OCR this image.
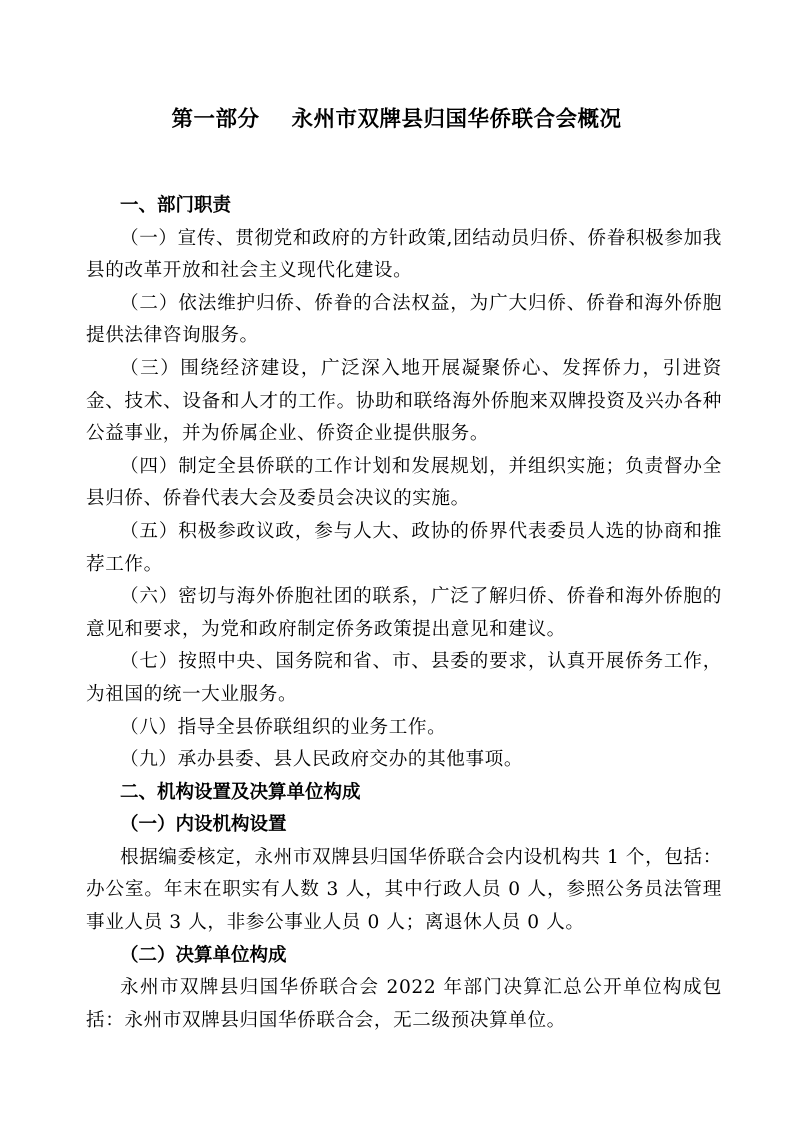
第一部分    永州市双牌县归国华侨联合会概况
一、部门职责

（一）宣传、贯彻党和政府的方针政策,团结动员归侨、侨眷积极参加我县的改革开放和社会主义现代化建设。

（二）依法维护归侨、侨眷的合法权益，为广大归侨、侨眷和海外侨胞提供法律咨询服务。

（三）围绕经济建设，广泛深入地开展凝聚侨心、发挥侨力，引进资金、技术、设备和人才的工作。协助和联络海外侨胞来双牌投资及兴办各种公益事业，并为侨属企业、侨资企业提供服务。

（四）制定全县侨联的工作计划和发展规划，并组织实施；负责督办全县归侨、侨眷代表大会及委员会决议的实施。

（五）积极参政议政，参与人大、政协的侨界代表委员人选的协商和推荐工作。

（六）密切与海外侨胞社团的联系，广泛了解归侨、侨眷和海外侨胞的意见和要求，为党和政府制定侨务政策提出意见和建议。

（七）按照中央、国务院和省、市、县委的要求，认真开展侨务工作，为祖国的统一大业服务。

（八）指导全县侨联组织的业务工作。

（九）承办县委、县人民政府交办的其他事项。

二、机构设置及决算单位构成
（一）内设机构设置

根据编委核定，永州市双牌县归国华侨联合会内设机构共 1 个，包括：办公室。年末在职实有人数 3 人，其中行政人员 0 人，参照公务员法管理事业人员 3 人，非参公事业人员 0 人；离退休人员 0 人。

（二）决算单位构成

永州市双牌县归国华侨联合会 2022 年部门决算汇总公开单位构成包括：永州市双牌县归国华侨联合会，无二级预决算单位。
